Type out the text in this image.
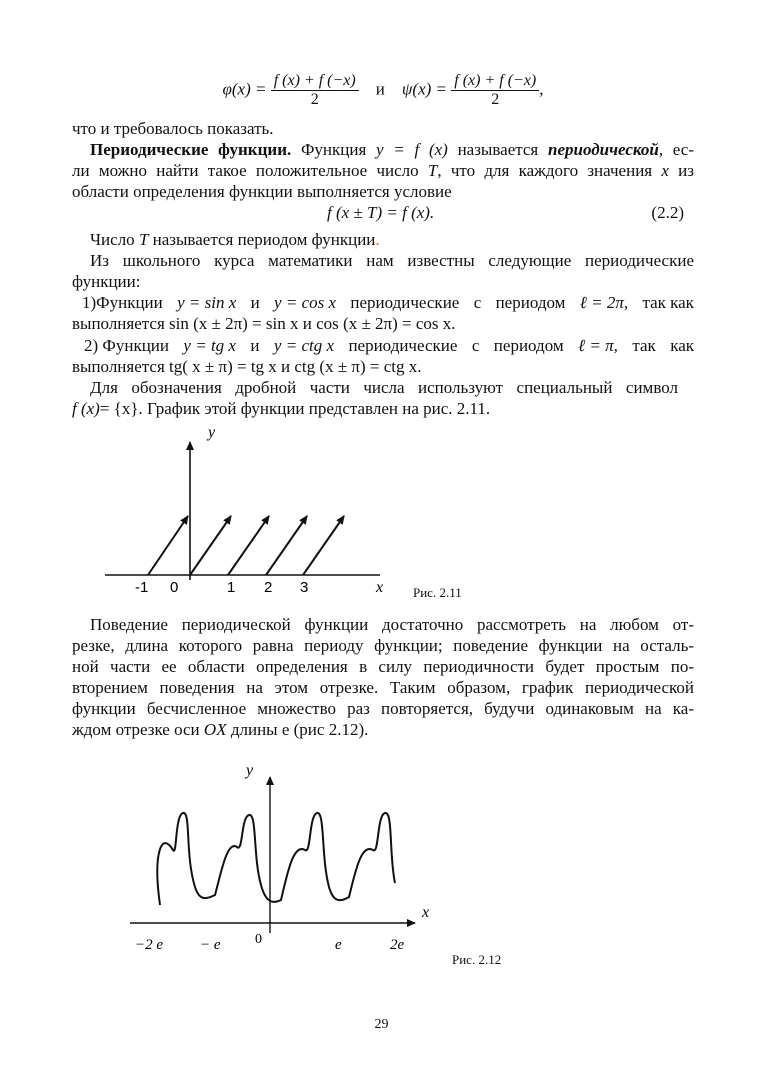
$\varphi(x) = \frac{f (x) + f (-x)}{2}$ и $\psi(x) = \frac{f (x) + f (-x)}{2}$ ,
что и требовалось показать.
Периодические функции. Функция y = f (x) называется периодической, ес-
ли можно найти такое положительное число T, что для каждого значения x из
области определения функции выполняется условие
f (x ± T) = f (x).	(2.2)
Число T называется периодом функции.
Из школьного курса математики нам известны следующие периодические
функции:
1)Функции y = sin x и y = cos x периодические с периодом ℓ = 2π, так как
выполняется sin (x ± 2π) = sin x и cos (x ± 2π) = cos x.
2) Функции y = tg x и y = ctg x периодические с периодом ℓ = π, так как
выполняется tg( x ± π) = tg x и ctg (x ± π) = ctg x.
Для обозначения дробной части числа используют специальный символ
f (x)= {x}. График этой функции представлен на рис. 2.11.
y
x
-1 0	1 2 3	Рис. 2.11
Поведение периодической функции достаточно рассмотреть на любом от-
резке, длина которого равна периоду функции; поведение функции на осталь-
ной части ее области определения в силу периодичности будет простым по-
вторением поведения на этом отрезке. Таким образом, график периодической
функции бесчисленное множество раз повторяется, будучи одинаковым на ка-
ждом отрезке оси OX длины e (рис 2.12).
y
x
−2 e − e 0	e	2e
Рис. 2.12
29
